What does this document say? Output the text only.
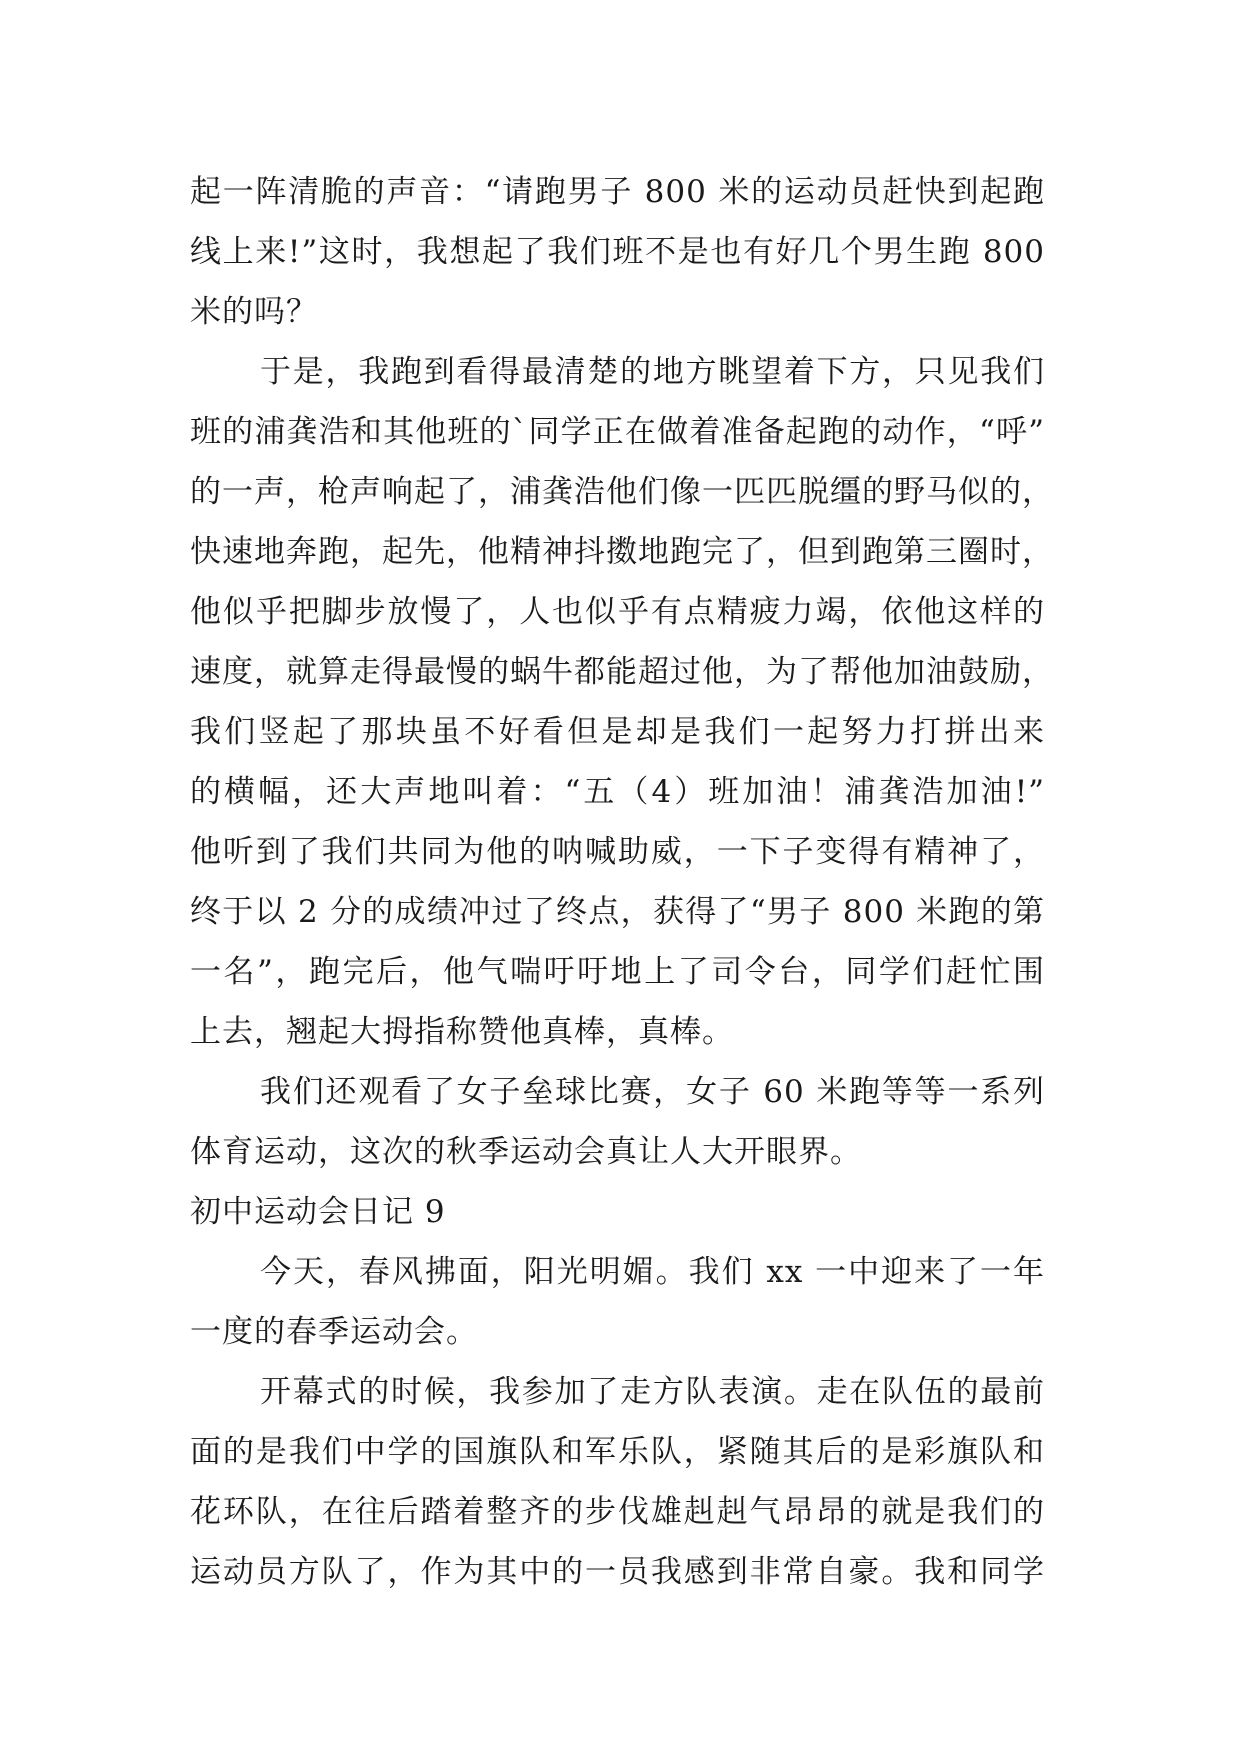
起一阵清脆的声音：“请跑男子 800 米的运动员赶快到起跑
线上来!”这时，我想起了我们班不是也有好几个男生跑 800
米的吗？
于是，我跑到看得最清楚的地方眺望着下方，只见我们
班的浦龚浩和其他班的`同学正在做着准备起跑的动作，“呼”
的一声，枪声响起了，浦龚浩他们像一匹匹脱缰的野马似的，
快速地奔跑，起先，他精神抖擞地跑完了，但到跑第三圈时，
他似乎把脚步放慢了，人也似乎有点精疲力竭，依他这样的
速度，就算走得最慢的蜗牛都能超过他，为了帮他加油鼓励，
我们竖起了那块虽不好看但是却是我们一起努力打拼出来
的横幅，还大声地叫着：“五（4）班加油！浦龚浩加油!”
他听到了我们共同为他的呐喊助威，一下子变得有精神了，
终于以 2 分的成绩冲过了终点，获得了“男子 800 米跑的第
一名”，跑完后，他气喘吁吁地上了司令台，同学们赶忙围
上去，翘起大拇指称赞他真棒，真棒。
我们还观看了女子垒球比赛，女子 60 米跑等等一系列
体育运动，这次的秋季运动会真让人大开眼界。
初中运动会日记 9
今天，春风拂面，阳光明媚。我们 xx 一中迎来了一年
一度的春季运动会。
开幕式的时候，我参加了走方队表演。走在队伍的最前
面的是我们中学的国旗队和军乐队，紧随其后的是彩旗队和
花环队，在往后踏着整齐的步伐雄赳赳气昂昂的就是我们的
运动员方队了，作为其中的一员我感到非常自豪。我和同学
